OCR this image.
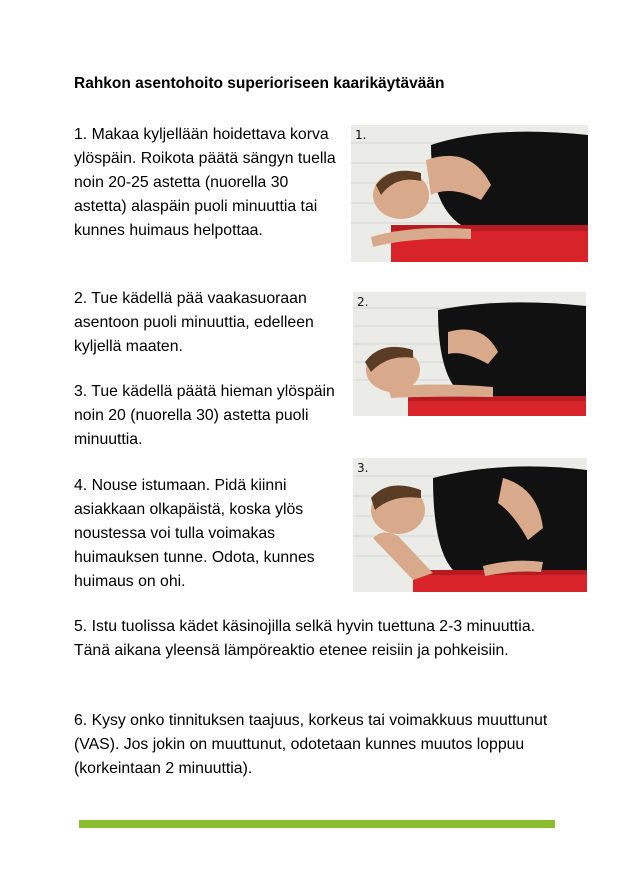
Rahkon asentohoito superioriseen kaarikäytävään

1. Makaa kyljellään hoidettava korva ylöspäin. Roikota päätä sängyn tuella noin 20-25 astetta (nuorella 30 astetta) alaspäin puoli minuuttia tai kunnes huimaus helpottaa.

2. Tue kädellä pää vaakasuoraan asentoon puoli minuuttia, edelleen kyljellä maaten.

3. Tue kädellä päätä hieman ylöspäin noin 20 (nuorella 30) astetta puoli minuuttia.

4. Nouse istumaan. Pidä kiinni asiakkaan olkapäistä, koska ylös noustessa voi tulla voimakas huimauksen tunne. Odota, kunnes huimaus on ohi.

5. Istu tuolissa kädet käsinojilla selkä hyvin tuettuna 2-3 minuuttia. Tänä aikana yleensä lämpöreaktio etenee reisiin ja pohkeisiin.

6. Kysy onko tinnituksen taajuus, korkeus tai voimakkuus muuttunut (VAS). Jos jokin on muuttunut, odotetaan kunnes muutos loppuu (korkeintaan 2 minuuttia).

1.
2.
3.
